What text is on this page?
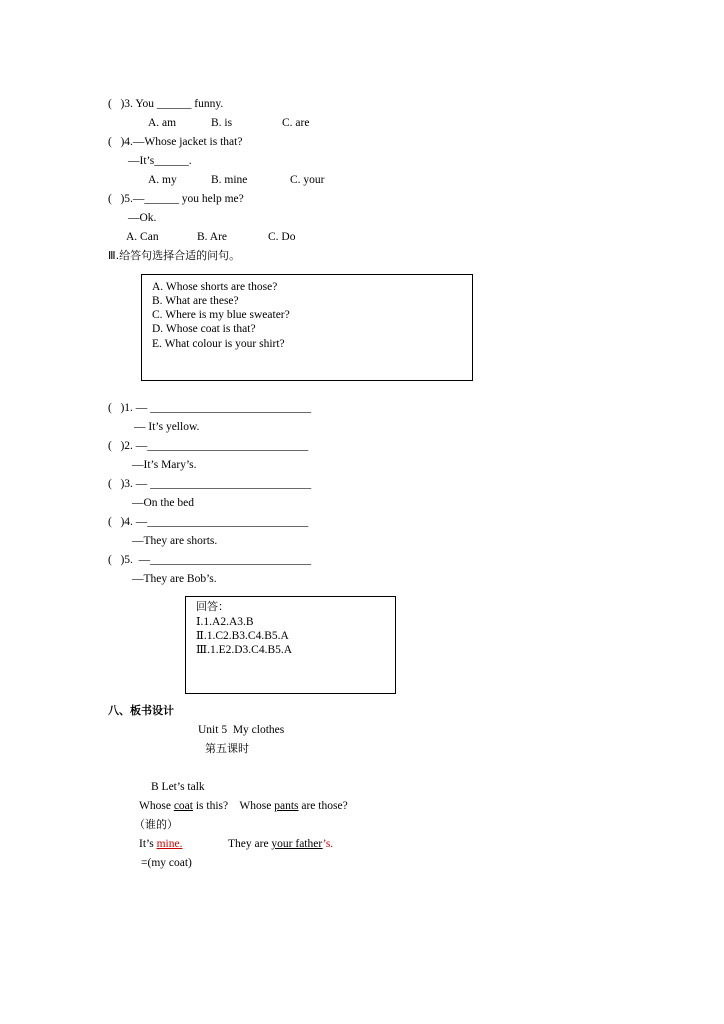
(   )3. You ______ funny.
A. am	B. is	C. are
(   )4.—Whose jacket is that?
—It’s______.
A. my	B. mine	C. your
(   )5.—______ you help me?
—Ok.
A. Can	B. Are	C. Do
Ⅲ.给答句选择合适的问句。
A. Whose shorts are those?
B. What are these?
C. Where is my blue sweater?
D. Whose coat is that?
E. What colour is your shirt?
(   )1. — ____________________________
— It’s yellow.
(   )2. —____________________________
—It’s Mary’s.
(   )3. — ____________________________
—On the bed
(   )4. —____________________________
—They are shorts.
(   )5.  —____________________________
—They are Bob’s.
回答：
Ⅰ.1.A2.A3.B
Ⅱ.1.C2.B3.C4.B5.A
Ⅲ.1.E2.D3.C4.B5.A
八、板书设计
Unit 5  My clothes
第五课时
B Let’s talk
Whose coat is this?    Whose pants are those?
（谁的）
It’s mine.	They are your father’s.
=(my coat)
